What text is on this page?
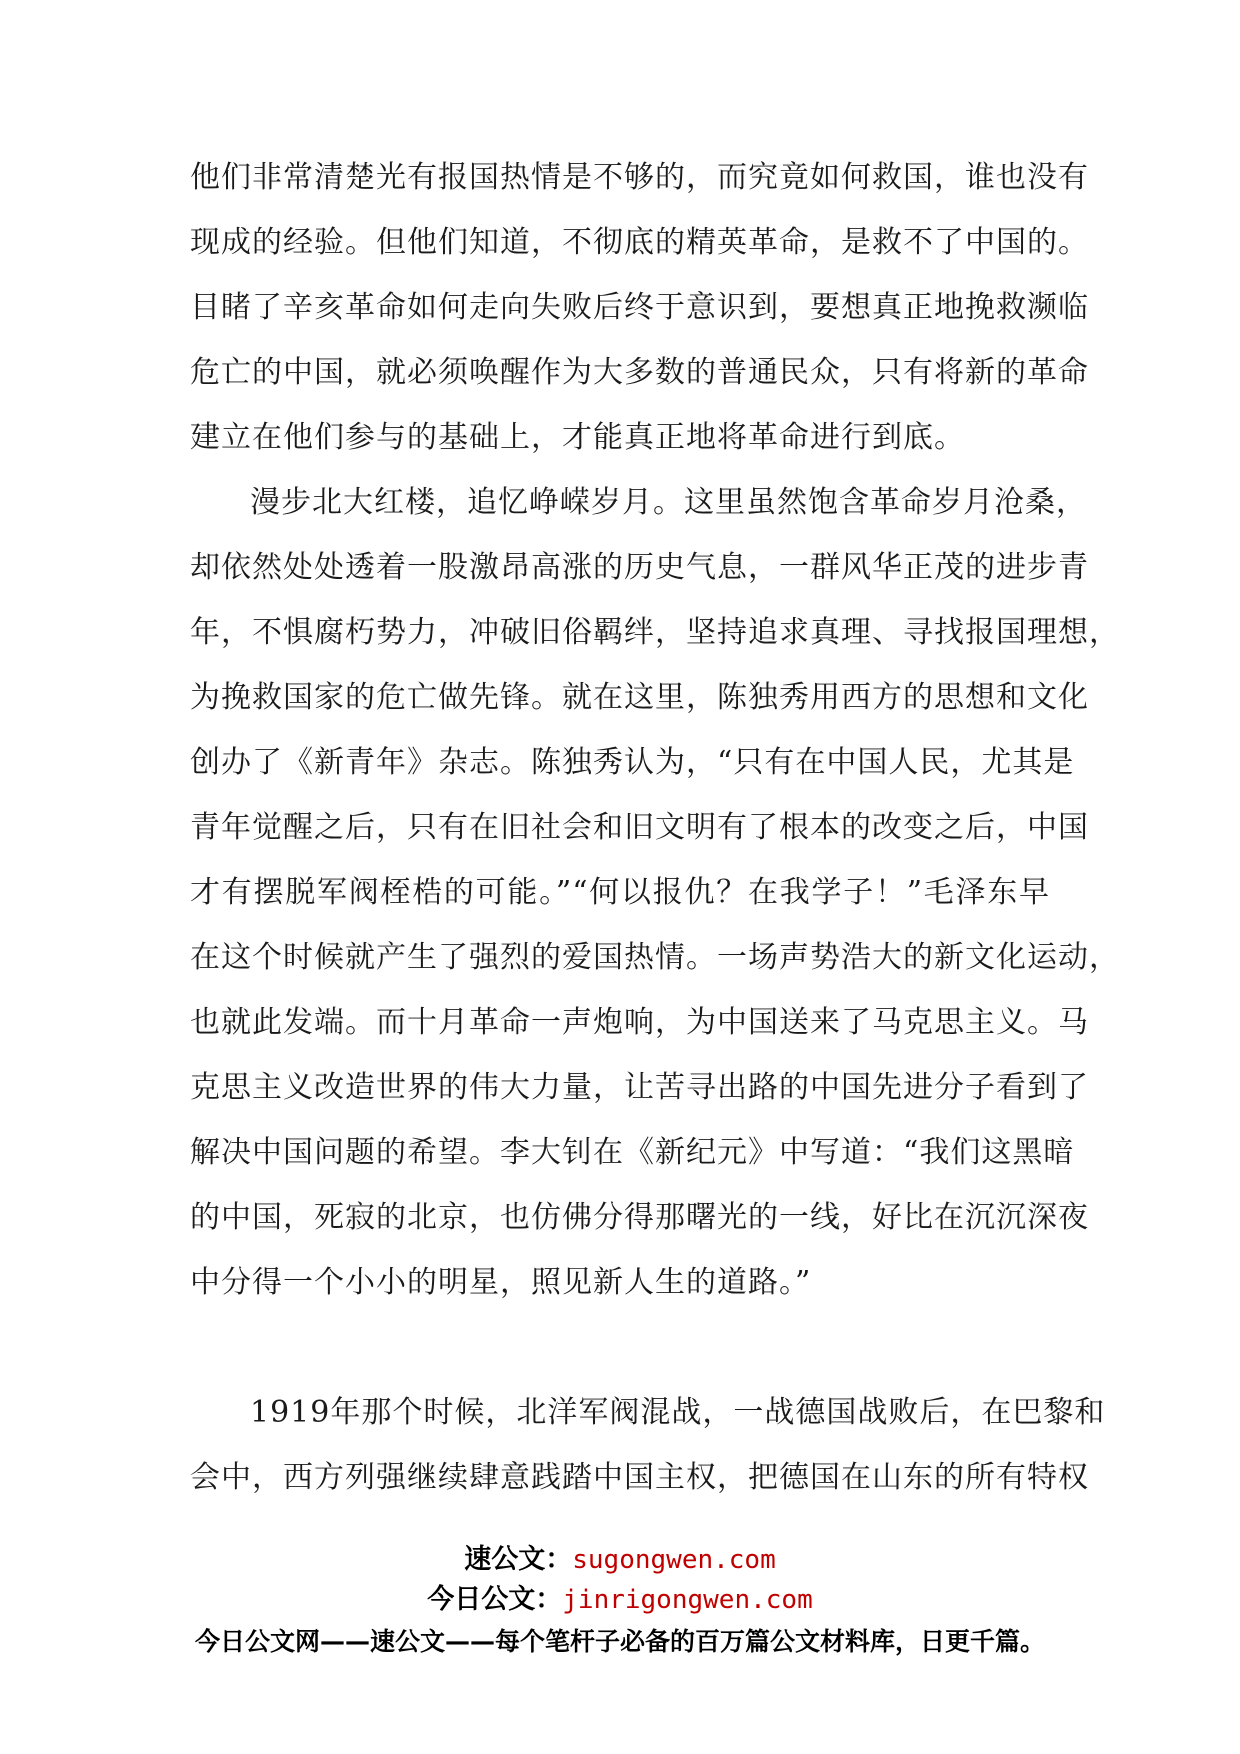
他们非常清楚光有报国热情是不够的，而究竟如何救国，谁也没有
现成的经验。但他们知道，不彻底的精英革命，是救不了中国的。
目睹了辛亥革命如何走向失败后终于意识到，要想真正地挽救濒临
危亡的中国，就必须唤醒作为大多数的普通民众，只有将新的革命
建立在他们参与的基础上，才能真正地将革命进行到底。
漫步北大红楼，追忆峥嵘岁月。这里虽然饱含革命岁月沧桑，
却依然处处透着一股激昂高涨的历史气息，一群风华正茂的进步青
年，不惧腐朽势力，冲破旧俗羁绊，坚持追求真理、寻找报国理想，
为挽救国家的危亡做先锋。就在这里，陈独秀用西方的思想和文化
创办了《新青年》杂志。陈独秀认为，“只有在中国人民，尤其是
青年觉醒之后，只有在旧社会和旧文明有了根本的改变之后，中国
才有摆脱军阀桎梏的可能。”“何以报仇？在我学子！”毛泽东早
在这个时候就产生了强烈的爱国热情。一场声势浩大的新文化运动，
也就此发端。而十月革命一声炮响，为中国送来了马克思主义。马
克思主义改造世界的伟大力量，让苦寻出路的中国先进分子看到了
解决中国问题的希望。李大钊在《新纪元》中写道：“我们这黑暗
的中国，死寂的北京，也仿佛分得那曙光的一线，好比在沉沉深夜
中分得一个小小的明星，照见新人生的道路。”
1919年那个时候，北洋军阀混战，一战德国战败后，在巴黎和
会中，西方列强继续肆意践踏中国主权，把德国在山东的所有特权
速公文：sugongwen.com
今日公文：jinrigongwen.com
今日公文网——速公文——每个笔杆子必备的百万篇公文材料库，日更千篇。
